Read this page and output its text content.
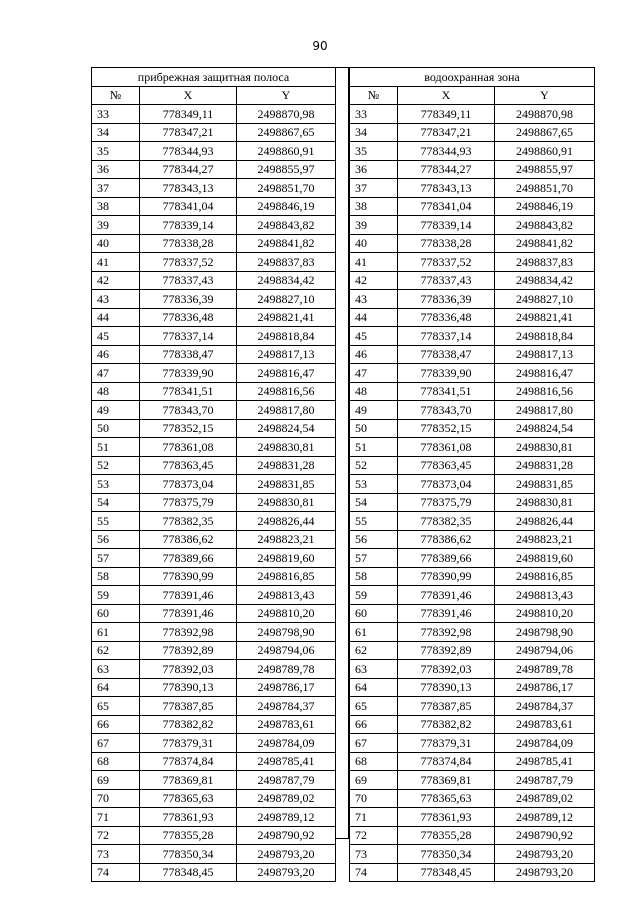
90
прибрежная защитная полоса		
№	X	Y
33	778349,11	2498870,98
34	778347,21	2498867,65
35	778344,93	2498860,91
36	778344,27	2498855,97
37	778343,13	2498851,70
38	778341,04	2498846,19
39	778339,14	2498843,82
40	778338,28	2498841,82
41	778337,52	2498837,83
42	778337,43	2498834,42
43	778336,39	2498827,10
44	778336,48	2498821,41
45	778337,14	2498818,84
46	778338,47	2498817,13
47	778339,90	2498816,47
48	778341,51	2498816,56
49	778343,70	2498817,80
50	778352,15	2498824,54
51	778361,08	2498830,81
52	778363,45	2498831,28
53	778373,04	2498831,85
54	778375,79	2498830,81
55	778382,35	2498826,44
56	778386,62	2498823,21
57	778389,66	2498819,60
58	778390,99	2498816,85
59	778391,46	2498813,43
60	778391,46	2498810,20
61	778392,98	2498798,90
62	778392,89	2498794,06
63	778392,03	2498789,78
64	778390,13	2498786,17
65	778387,85	2498784,37
66	778382,82	2498783,61
67	778379,31	2498784,09
68	778374,84	2498785,41
69	778369,81	2498787,79
70	778365,63	2498789,02
71	778361,93	2498789,12
72	778355,28	2498790,92
73	778350,34	2498793,20
74	778348,45	2498793,20

водоохранная зона		
№	X	Y
33	778349,11	2498870,98
34	778347,21	2498867,65
35	778344,93	2498860,91
36	778344,27	2498855,97
37	778343,13	2498851,70
38	778341,04	2498846,19
39	778339,14	2498843,82
40	778338,28	2498841,82
41	778337,52	2498837,83
42	778337,43	2498834,42
43	778336,39	2498827,10
44	778336,48	2498821,41
45	778337,14	2498818,84
46	778338,47	2498817,13
47	778339,90	2498816,47
48	778341,51	2498816,56
49	778343,70	2498817,80
50	778352,15	2498824,54
51	778361,08	2498830,81
52	778363,45	2498831,28
53	778373,04	2498831,85
54	778375,79	2498830,81
55	778382,35	2498826,44
56	778386,62	2498823,21
57	778389,66	2498819,60
58	778390,99	2498816,85
59	778391,46	2498813,43
60	778391,46	2498810,20
61	778392,98	2498798,90
62	778392,89	2498794,06
63	778392,03	2498789,78
64	778390,13	2498786,17
65	778387,85	2498784,37
66	778382,82	2498783,61
67	778379,31	2498784,09
68	778374,84	2498785,41
69	778369,81	2498787,79
70	778365,63	2498789,02
71	778361,93	2498789,12
72	778355,28	2498790,92
73	778350,34	2498793,20
74	778348,45	2498793,20
